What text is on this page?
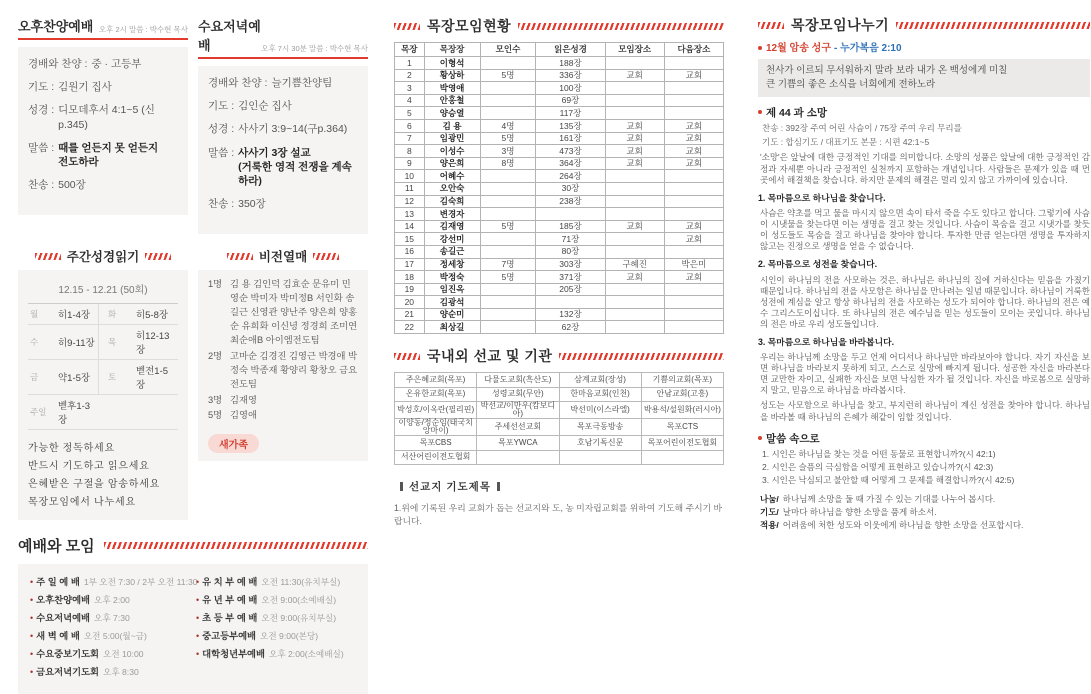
오후찬양예배 오후 2시 말씀 : 박수현 목사
경배와 찬양 : 중 · 고등부
기도 : 김원기 집사
성경 : 디모데후서 4:1~5 (신p.345)
말씀 : 때를 얻든지 못 얻든지
전도하라
찬송 : 500장
수요저녁예배	오후 7시 30분 말씀 : 박수현 목사
경배와 찬양 : 늘기쁨찬양팀
기도 : 김인순 집사
성경 : 사사기 3:9~14(구p.364)
말씀 : 사사기 3장 설교
(거룩한 영적 전쟁을 계속하라)
찬송 : 350장
주간성경읽기
12.15 - 12.21 (50회)
월	히1-4장	화	히5-8장
수	히9-11장	목	히12-13장
금	약1-5장	토	벧전1-5장
주일	벧후1-3장		
가능한 정독하세요
반드시 기도하고 읽으세요
은혜받은 구절을 암송하세요
목장모임에서 나누세요
비전열매
1명 김 용 김인덕 김효순 문유미 민영순 박미자 박미정B 서인화 송길근 신영관 양난주 양은희 양홍순 유희화 이신녕 정경희 조미연 최순애B 아이엠전도팀
2명 고마순 김경진 김영근 박경애 박정숙 박종재 황양리 황창오 금요전도팀
3명 김재영
5명 김영애
새가족
예배와 모임
• 주 일 예 배 1부 오전 7:30 / 2부 오전 11:30
• 오후찬양예배 오후 2:00
• 수요저녁예배 오후 7:30
• 새 벽 예 배 오전 5:00(월~금)
• 수요중보기도회 오전 10:00
• 금요저녁기도회 오후 8:30
• 유 치 부 예 배 오전 11:30(유치부실)
• 유 년 부 예 배 오전 9:00(소예배실)
• 초 등 부 예 배 오전 9:00(유치부실)
• 중고등부예배 오전 9:00(본당)
• 대학청년부예배 오후 2:00(소예배실)
목장모임현황
목장	목장장	모인수	읽은성경	모임장소	다음장소
1	이형석		188장		
2	황상하	5명	336장	교회	교회
3	박영애		100장		
4	안홍철		69장		
5	양승열		117장		
6	김 용	4명	135장	교회	교회
7	임광민	5명	161장	교회	교회
8	이성수	3명	473장	교회	교회
9	양은희	8명	364장	교회	교회
10	어혜수		264장		
11	오안숙		30장		
12	김숙희		238장		
13	변경자				
14	김재영	5명	185장	교회	교회
15	강선미		71장		교회
16	송길근		80장		
17	정세창	7명	303장	구혜진	박은미
18	박정숙	5명	371장	교회	교회
19	임진옥		205장		
20	김광석				
21	양순미		132장		
22	최상길		62장		
국내외 선교 및 기관
주은혜교회(목포)	다물도교회(흑산도)	삼계교회(장성)	기쁨의교회(목포)
온유한교회(목포)	성령교회(무안)	한마음교회(인천)	안남교회(고흥)
박성호/이옥란(필리핀)	박선교/이만우(캄보디아)	박선미(이스라엘)	박용석/설원화(러시아)
이양동/정순임(태국치앙마이)	주세선선교회	목포극동방송	목포CTS
목포CBS	목포YWCA	호남기독신문	목포어린이전도협회
서산어린이전도협회			
선교지 기도제목
1.위에 기록된 우리 교회가 돕는 선교지와 도, 농 미자립교회를 위하여 기도해 주시기 바랍니다.
목장모임나누기
12월 암송 성구 - 누가복음 2:10
천사가 이르되 무서워하지 말라 보라 내가 온 백성에게 미칠
큰 기쁨의 좋은 소식을 너희에게 전하노라
제 44 과 소망
찬송 : 392장 주여 어린 사슴이 / 75장 주여 우리 무리를
기도 : 합심기도 / 대표기도 본문 : 시편 42:1~5

'소망'은 앞날에 대한 긍정적인 기대를 의미합니다. 소망의 성품은 앞날에 대한 긍정적인 감정과 자세뿐 아니라 긍정적인 실천까지 포함하는 개념입니다. 사람들은 문제가 있을 때 먼 곳에서 해결책을 찾습니다. 하지만 문제의 해결은 멀리 있지 않고 가까이에 있습니다.

1. 목마름으로 하나님을 찾습니다.

사슴은 약초를 먹고 물을 마시지 않으면 속이 타서 죽을 수도 있다고 합니다. 그렇기에 사슴이 시냇물을 찾는다면 이는 생명을 걸고 찾는 것입니다. 사슴이 목숨을 걸고 시냇가를 찾듯이 성도들도 목숨을 걸고 하나님을 찾아야 합니다. 투자한 만큼 얻는다면 생명을 투자하지 않고는 진정으로 생명을 얻을 수 없습니다.

2. 목마름으로 성전을 찾습니다.

시인이 하나님의 전을 사모하는 것은, 하나님은 하나님의 집에 거하신다는 믿음을 가졌기 때문입니다. 하나님의 전을 사모함은 하나님을 만나려는 일념 때문입니다. 하나님이 거룩한 성전에 계심을 알고 항상 하나님의 전을 사모하는 성도가 되어야 합니다. 하나님의 전은 예수 그리스도이십니다. 또 하나님의 전은 예수님을 믿는 성도들이 모이는 곳입니다. 하나님의 전은 바로 우리 성도들입니다.

3. 목마름으로 하나님을 바라봅니다.

우리는 하나님께 소망을 두고 언제 어디서나 하나님만 바라보아야 합니다. 자기 자신을 보면 하나님을 바라보지 못하게 되고, 스스로 실망에 빠지게 됩니다. 성공한 자신을 바라본다면 교만한 자이고, 실패한 자신을 보면 낙심한 자가 될 것입니다. 자신을 바로봄으로 실망하지 말고, 믿음으로 하나님을 바라봅시다.

성도는 사모함으로 하나님을 찾고, 부지런히 하나님이 계신 성전을 찾아야 합니다. 하나님을 바라볼 때 하나님의 은혜가 해같이 임할 것입니다.

말씀 속으로
1. 시인은 하나님을 찾는 것을 어떤 동물로 표현합니까?(시 42:1)
2. 시인은 슬픔의 극심함을 어떻게 표현하고 있습니까?(시 42:3)
3. 시인은 낙심되고 불안할 때 어떻게 그 문제를 해결합니까?(시 42:5)
나눔/ 하나님께 소망을 둘 때 가질 수 있는 기대를 나누어 봅시다.
기도/ 날마다 하나님을 향한 소망을 품게 하소서.
적용/ 어려움에 처한 성도와 이웃에게 하나님을 향한 소망을 선포합시다.
